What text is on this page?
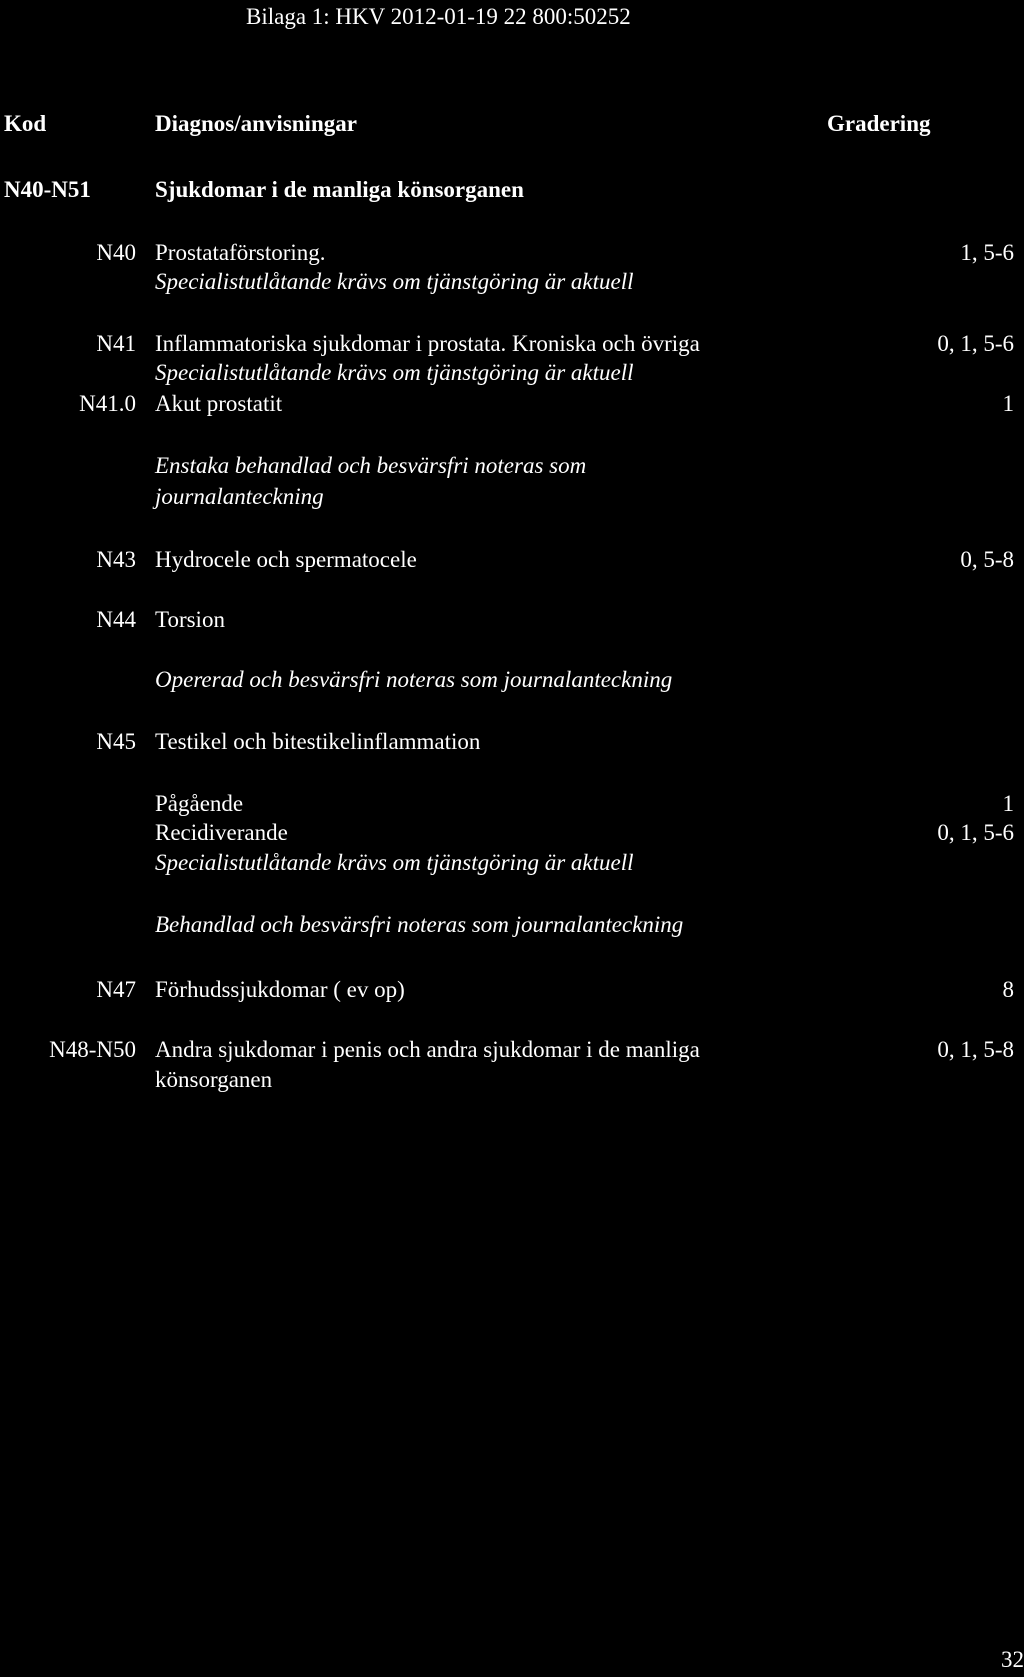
Bilaga 1: HKV 2012-01-19 22 800:50252
Kod	Diagnos/anvisningar	Gradering
N40-N51	Sjukdomar i de manliga könsorganen
N40 Prostataförstoring.	1, 5-6
Specialistutlåtande krävs om tjänstgöring är aktuell
N41 Inflammatoriska sjukdomar i prostata. Kroniska och övriga	0, 1, 5-6
Specialistutlåtande krävs om tjänstgöring är aktuell
N41.0 Akut prostatit	1
Enstaka behandlad och besvärsfri noteras som
journalanteckning
N43 Hydrocele och spermatocele	0, 5-8
N44 Torsion
Opererad och besvärsfri noteras som journalanteckning
N45 Testikel och bitestikelinflammation
Pågående	1
Recidiverande	0, 1, 5-6
Specialistutlåtande krävs om tjänstgöring är aktuell
Behandlad och besvärsfri noteras som journalanteckning
N47 Förhudssjukdomar ( ev op)	8
N48-N50 Andra sjukdomar i penis och andra sjukdomar i de manliga	0, 1, 5-8
könsorganen
32
